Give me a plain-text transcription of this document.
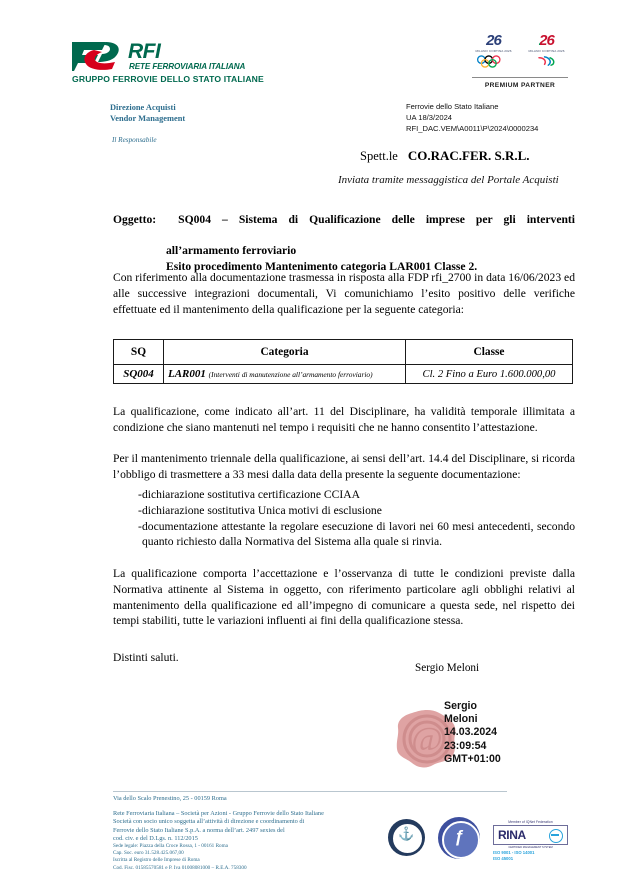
RFI
RETE FERROVIARIA ITALIANA
GRUPPO FERROVIE DELLO STATO ITALIANE
26
MILANO CORTINA 2026
26
MILANO CORTINA 2026
PREMIUM PARTNER
Direzione Acquisti
Vendor Management
Il Responsabile
Ferrovie dello Stato Italiane
UA 18/3/2024
RFI_DAC.VEM\A0011\P\2024\0000234
Spett.le CO.RAC.FER. S.R.L.
Inviata tramite messaggistica del Portale Acquisti
Oggetto: SQ004 – Sistema di Qualificazione delle imprese per gli interventi
all’armamento ferroviario
Esito procedimento Mantenimento categoria LAR001 Classe 2.
Con riferimento alla documentazione trasmessa in risposta alla FDP rfi_2700 in data 16/06/2023 ed alle successive integrazioni documentali, Vi comunichiamo l’esito positivo delle verifiche effettuate ed il mantenimento della qualificazione per la seguente categoria:
SQ	Categoria	Classe
SQ004	LAR001 (Interventi di manutenzione all’armamento ferroviario)	Cl. 2 Fino a Euro 1.600.000,00
La qualificazione, come indicato all’art. 11 del Disciplinare, ha validità temporale illimitata a condizione che siano mantenuti nel tempo i requisiti che ne hanno consentito l’attestazione.
Per il mantenimento triennale della qualificazione, ai sensi dell’art. 14.4 del Disciplinare, si ricorda l’obbligo di trasmettere a 33 mesi dalla data della presente la seguente documentazione:
- dichiarazione sostitutiva certificazione CCIAA
- dichiarazione sostitutiva Unica motivi di esclusione
- documentazione attestante la regolare esecuzione di lavori nei 60 mesi antecedenti, secondo quanto richiesto dalla Normativa del Sistema alla quale si rinvia.
La qualificazione comporta l’accettazione e l’osservanza di tutte le condizioni previste dalla Normativa attinente al Sistema in oggetto, con riferimento particolare agli obblighi relativi al mantenimento della qualificazione ed all’impegno di comunicare a questa sede, nel rispetto dei tempi stabiliti, tutte le variazioni influenti ai fini della qualificazione stessa.
Distinti saluti.
Sergio Meloni
@
Sergio
Meloni
14.03.2024
23:09:54
GMT+01:00
Via dello Scalo Prenestino, 25 - 00159 Roma
Rete Ferroviaria Italiana – Società per Azioni - Gruppo Ferrovie dello Stato Italiane
Società con socio unico soggetta all’attività di direzione e coordinamento di
Ferrovie dello Stato Italiane S.p.A. a norma dell’art. 2497 sexies del
cod. civ. e del D.Lgs. n. 112/2015
Sede legale: Piazza della Croce Rossa, 1 - 00161 Roma
Cap. Soc. euro 31.528.425.067,00
Iscritta al Registro delle Imprese di Roma
Cod. Fisc. 01585570581 e P. Iva 01008081000 – R.E.A. 758300
⚓	ƒ
Member of IQNet Federation
RINA
CERTIFIED MANAGEMENT SYSTEM
ISO 9001 - ISO 14001
ISO 45001
